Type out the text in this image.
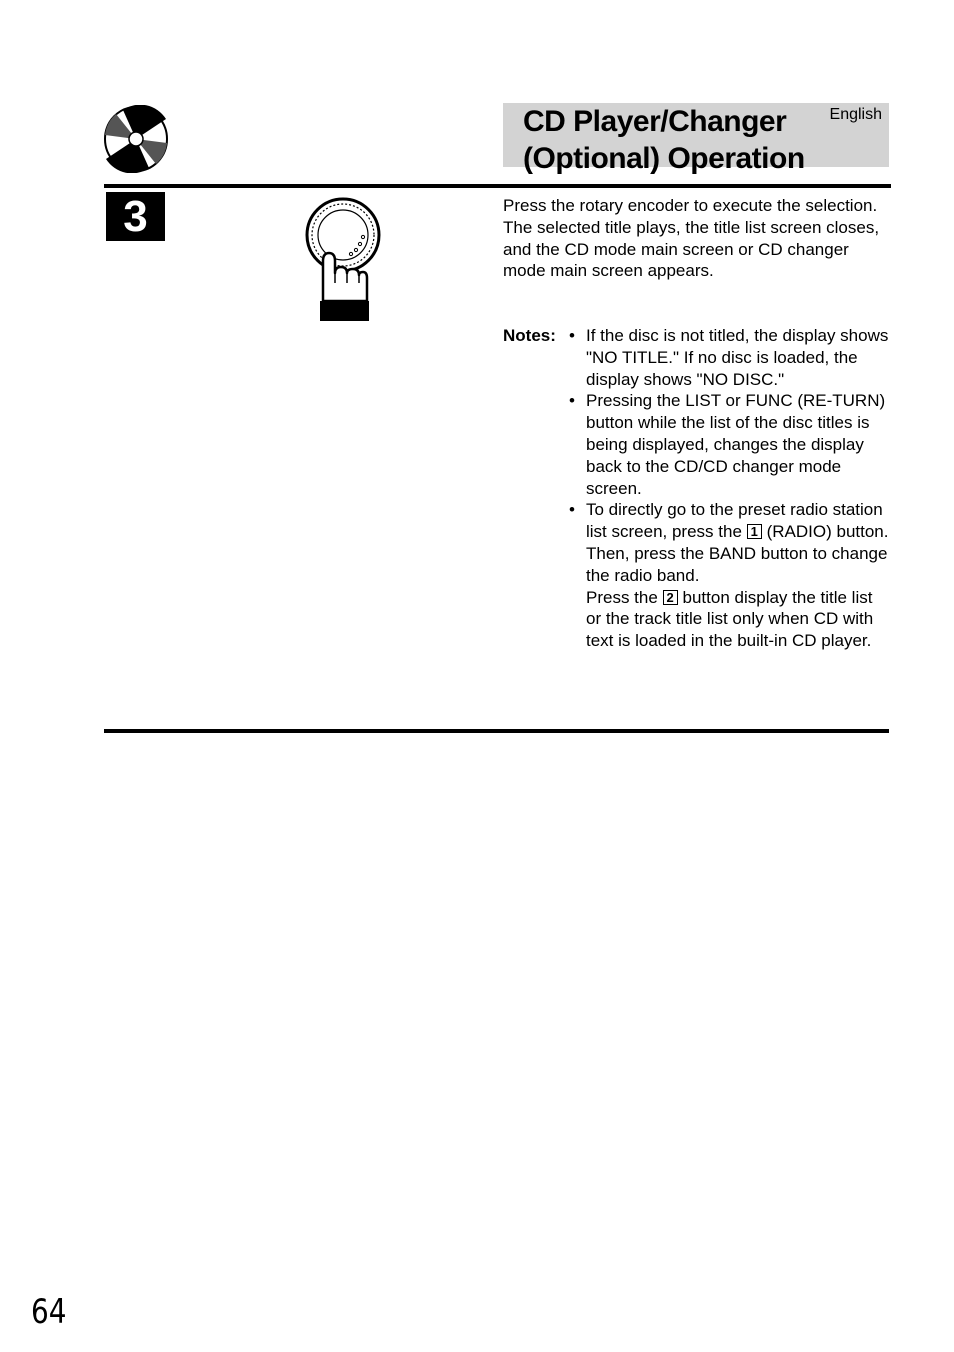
CD Player/Changer
(Optional) Operation
English
3	Press the rotary encoder to execute the selection.

The selected title plays, the title list screen closes, and the CD mode main screen or CD changer mode main screen appears.

Notes: • If the disc is not titled, the display shows "NO TITLE." If no disc is loaded, the display shows "NO DISC."

• Pressing the LIST or FUNC (RE-TURN) button while the list of the disc titles is being displayed, changes the display back to the CD/CD changer mode screen.

• To directly go to the preset radio station list screen, press the 1 (RADIO) button. Then, press the BAND button to change the radio band.

Press the 2 button display the title list or the track title list only when CD with text is loaded in the built-in CD player.

64
